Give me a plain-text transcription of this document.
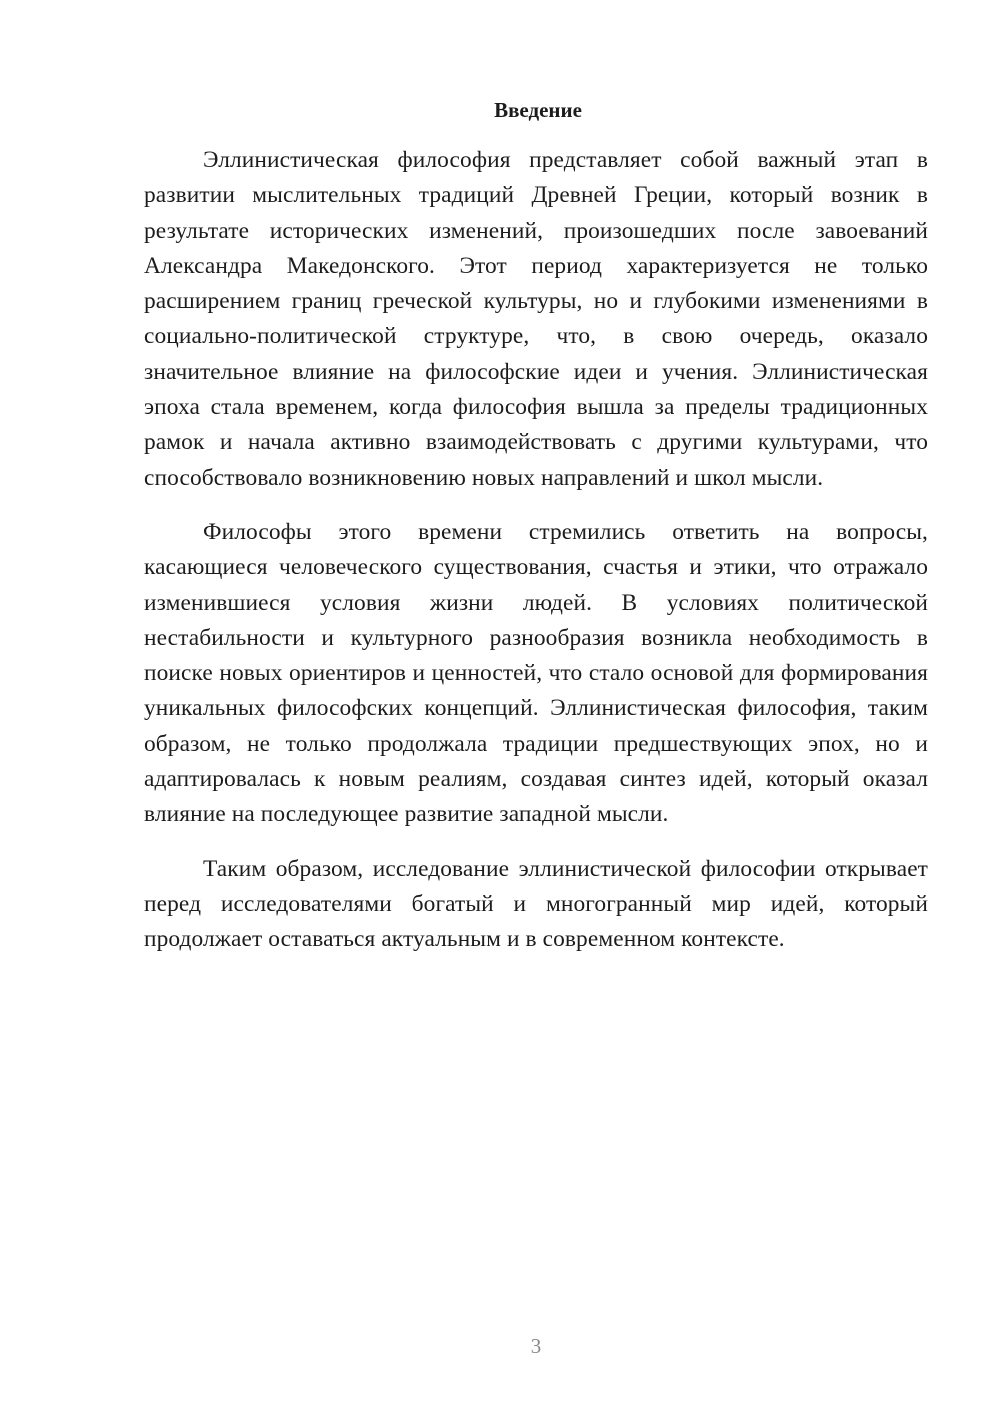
Введение

Эллинистическая философия представляет собой важный этап в развитии мыслительных традиций Древней Греции, который возник в результате исторических изменений, произошедших после завоеваний Александра Македонского. Этот период характеризуется не только расширением границ греческой культуры, но и глубокими изменениями в социально-политической структуре, что, в свою очередь, оказало значительное влияние на философские идеи и учения. Эллинистическая эпоха стала временем, когда философия вышла за пределы традиционных рамок и начала активно взаимодействовать с другими культурами, что способствовало возникновению новых направлений и школ мысли.

Философы этого времени стремились ответить на вопросы, касающиеся человеческого существования, счастья и этики, что отражало изменившиеся условия жизни людей. В условиях политической нестабильности и культурного разнообразия возникла необходимость в поиске новых ориентиров и ценностей, что стало основой для формирования уникальных философских концепций. Эллинистическая философия, таким образом, не только продолжала традиции предшествующих эпох, но и адаптировалась к новым реалиям, создавая синтез идей, который оказал влияние на последующее развитие западной мысли.

Таким образом, исследование эллинистической философии открывает перед исследователями богатый и многогранный мир идей, который продолжает оставаться актуальным и в современном контексте.

3
